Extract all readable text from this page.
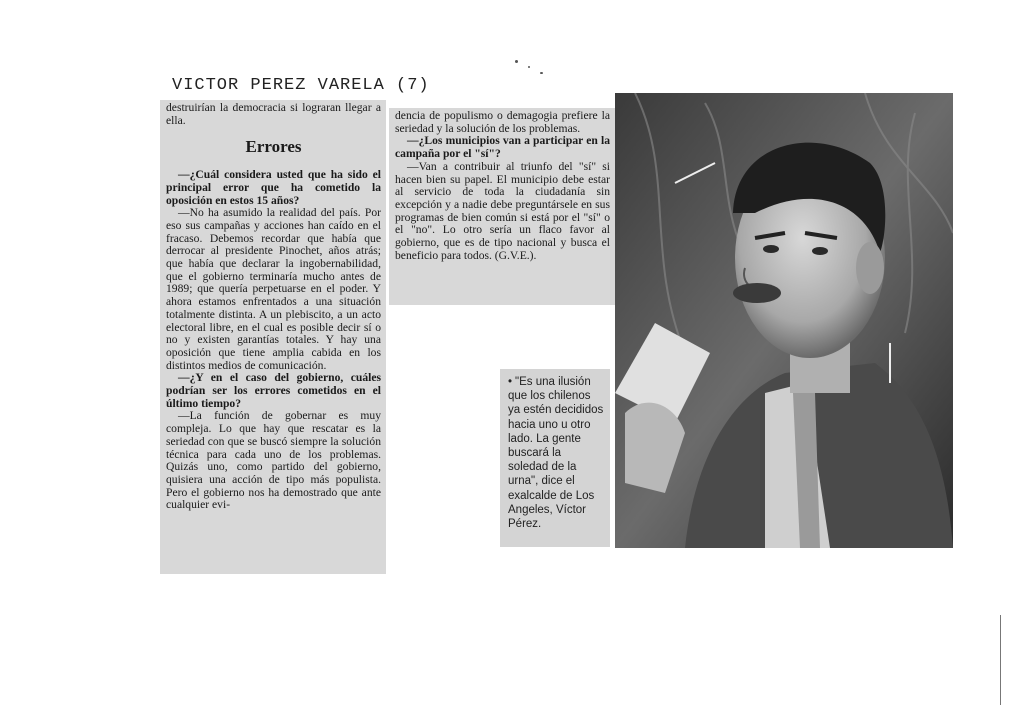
VICTOR PEREZ VARELA (7)

destruirían la democracia si lograran llegar a ella.

Errores

—¿Cuál considera usted que ha sido el principal error que ha cometido la oposición en estos 15 años?

—No ha asumido la realidad del país. Por eso sus campañas y acciones han caído en el fracaso. Debemos recordar que había que derrocar al presidente Pinochet, años atrás; que había que declarar la ingobernabilidad, que el gobierno terminaría mucho antes de 1989; que quería perpetuarse en el poder. Y ahora estamos enfrentados a una situación totalmente distinta. A un plebiscito, a un acto electoral libre, en el cual es posible decir sí o no y existen garantías totales. Y hay una oposición que tiene amplia cabida en los distintos medios de comunicación.

—¿Y en el caso del gobierno, cuáles podrían ser los errores cometidos en el último tiempo?

—La función de gobernar es muy compleja. Lo que hay que rescatar es la seriedad con que se buscó siempre la solución técnica para cada uno de los problemas. Quizás uno, como partido del gobierno, quisiera una acción de tipo más populista. Pero el gobierno nos ha demostrado que ante cualquier evi-

dencia de populismo o demagogia prefiere la seriedad y la solución de los problemas.

—¿Los municipios van a participar en la campaña por el "sí"?

—Van a contribuir al triunfo del "sí" si hacen bien su papel. El municipio debe estar al servicio de toda la ciudadanía sin excepción y a nadie debe preguntársele en sus programas de bien común si está por el "sí" o el "no". Lo otro sería un flaco favor al gobierno, que es de tipo nacional y busca el beneficio para todos. (G.V.E.).

• "Es una ilusión que los chilenos ya estén decididos hacia uno u otro lado. La gente buscará la soledad de la urna", dice el exalcalde de Los Angeles, Víctor Pérez.
